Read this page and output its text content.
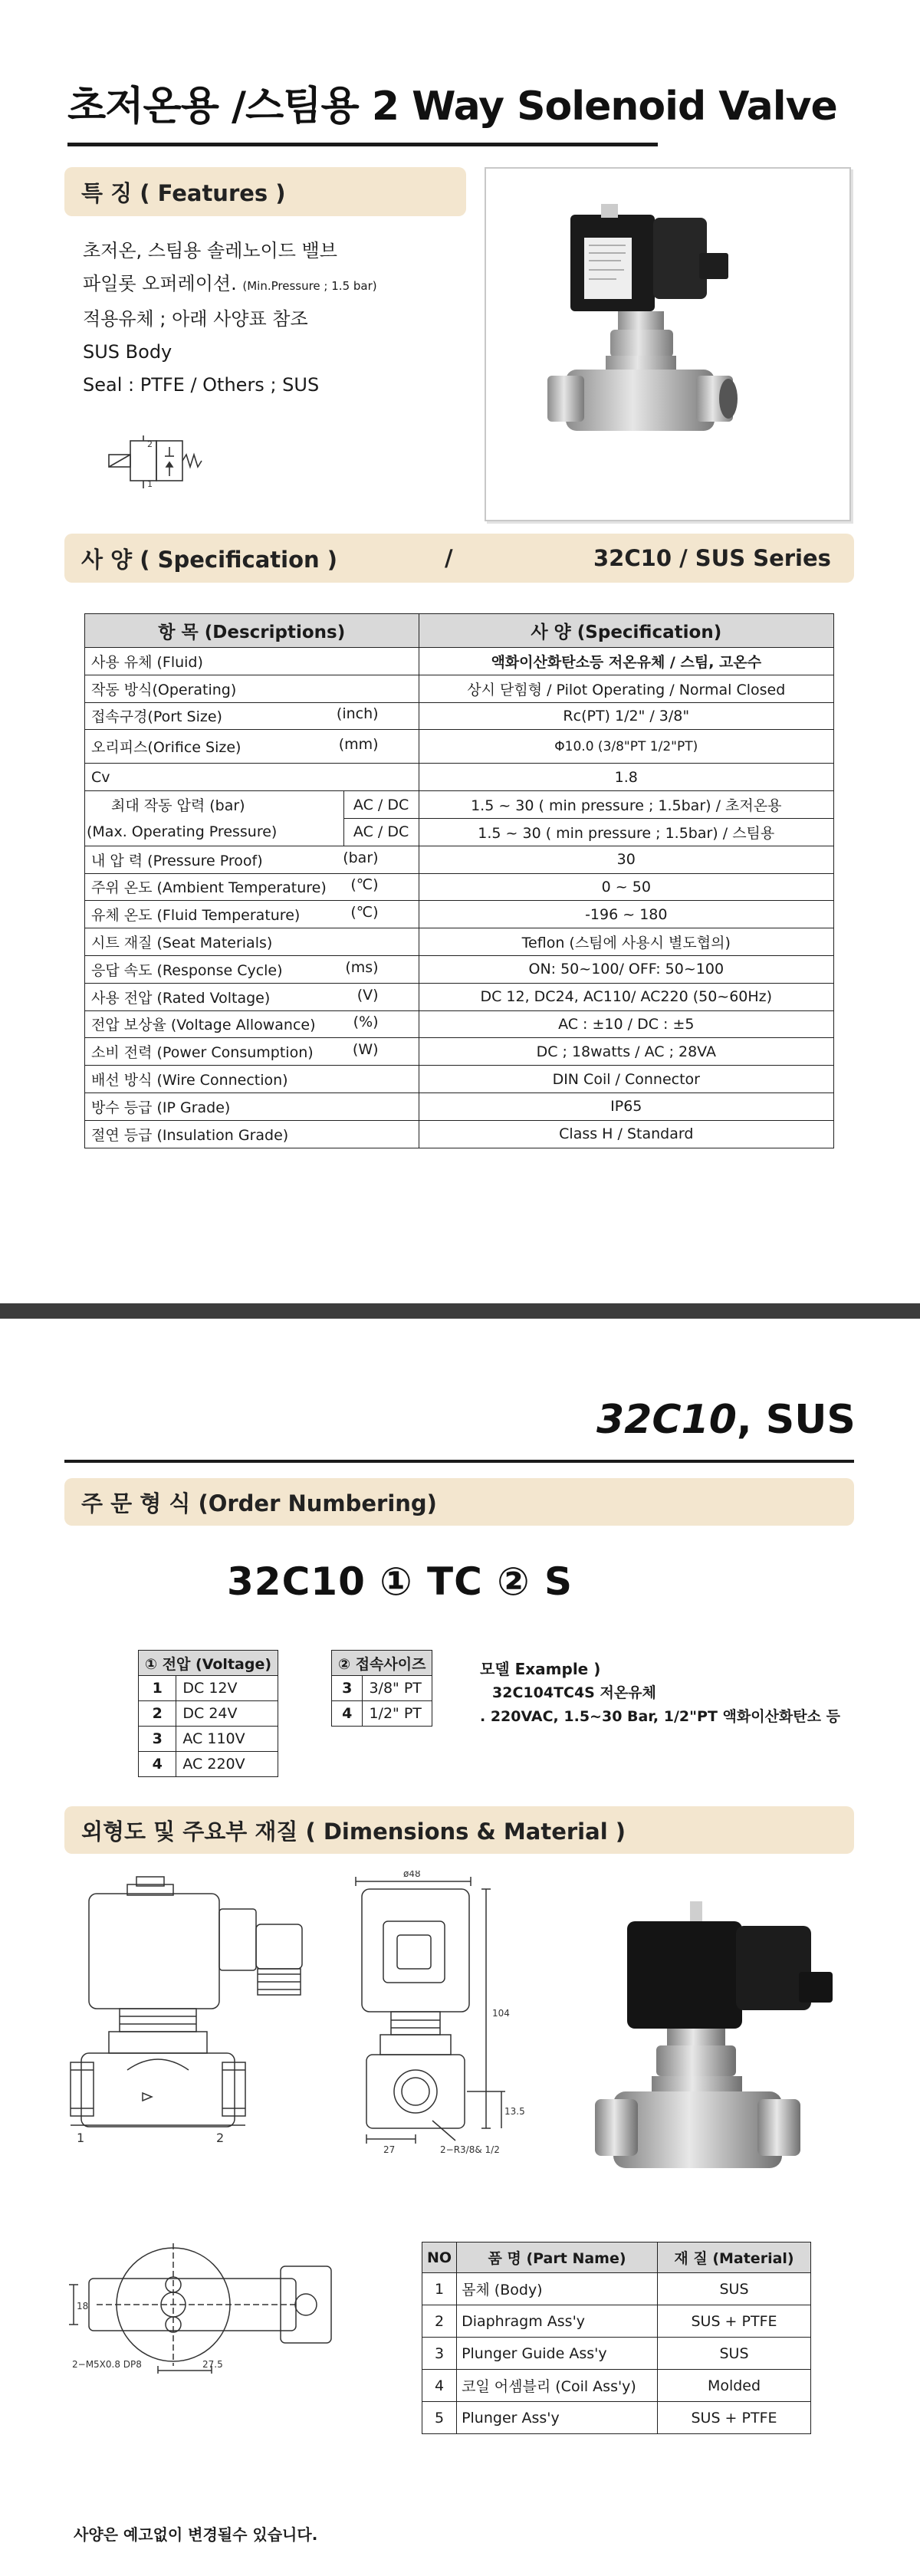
초저온용 /스팀용 2 Way Solenoid Valve
특 징 ( Features )
초저온, 스팀용 솔레노이드 밸브
파일롯 오퍼레이션. (Min.Pressure ; 1.5 bar)
적용유체 ; 아래 사양표 참조
SUS Body
Seal : PTFE / Others ; SUS
2
1
사 양 ( Specification )	/	32C10 / SUS Series
항 목 (Descriptions)		사 양 (Specification)
사용 유체 (Fluid)		액화이산화탄소등 저온유체 / 스팀, 고온수
작동 방식(Operating)		상시 닫힘형 / Pilot Operating / Normal Closed
접속구경(Port Size) (inch)		Rc(PT) 1/2" / 3/8"
오리피스(Orifice Size) (mm)		Φ10.0 (3/8"PT 1/2"PT)
Cv		1.8
최대 작동 압력 (bar)	AC / DC	1.5 ~ 30 ( min pressure ; 1.5bar) / 초저온용
(Max. Operating Pressure)	AC / DC	1.5 ~ 30 ( min pressure ; 1.5bar) / 스팀용
내 압 력 (Pressure Proof) (bar)		30
주위 온도 (Ambient Temperature) (℃)		0 ~ 50
유체 온도 (Fluid Temperature) (℃)		-196 ~ 180
시트 재질 (Seat Materials)		Teflon (스팀에 사용시 별도협의)
응답 속도 (Response Cycle) (ms)		ON: 50~100/ OFF: 50~100
사용 전압 (Rated Voltage) (V)		DC 12, DC24, AC110/ AC220 (50~60Hz)
전압 보상율 (Voltage Allowance) (%)		AC : ±10 / DC : ±5
소비 전력 (Power Consumption) (W)		DC ; 18watts / AC ; 28VA
배선 방식 (Wire Connection)		DIN Coil / Connector
방수 등급 (IP Grade)		IP65
절연 등급 (Insulation Grade)		Class H / Standard
32C10, SUS
주 문 형 식 (Order Numbering)
32C10 ① TC ② S
① 전압 (Voltage)	
1	DC 12V
2	DC 24V
3	AC 110V
4	AC 220V
② 접속사이즈	
3	3/8" PT
4	1/2" PT
모델 Example )
32C104TC4S 저온유체
. 220VAC, 1.5~30 Bar, 1/2"PT 액화이산화탄소 등
외형도 및 주요부 재질 ( Dimensions & Material )
1	2
ø48
104
13.5
27	2−R3/8& 1/2
18
2−M5X0.8 DP8	27.5
NO	품 명 (Part Name)	재 질 (Material)
1	몸체 (Body)	SUS
2	Diaphragm Ass'y	SUS + PTFE
3	Plunger Guide Ass'y	SUS
4	코일 어셈블리 (Coil Ass'y)	Molded
5	Plunger Ass'y	SUS + PTFE
사양은 예고없이 변경될수 있습니다.
